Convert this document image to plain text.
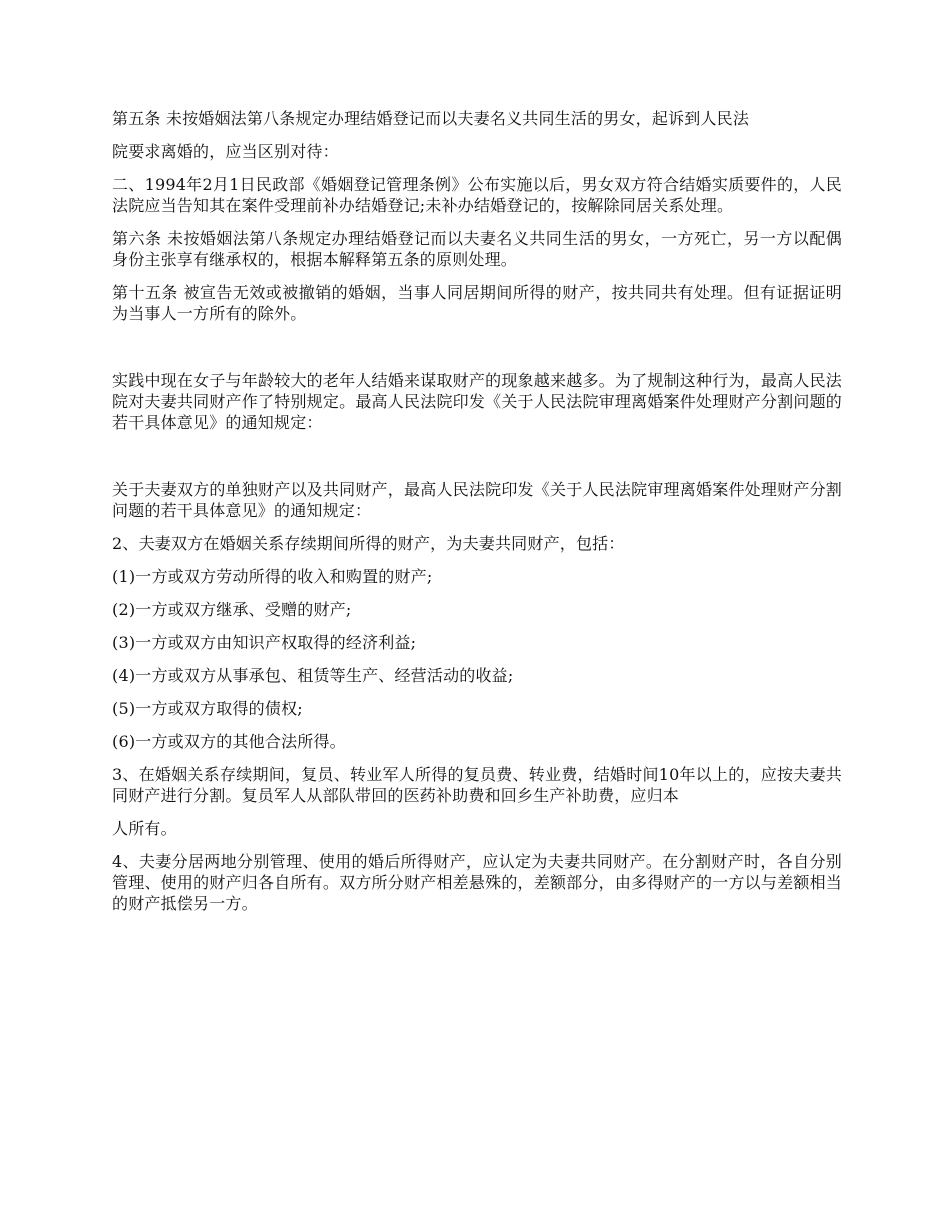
第五条 未按婚姻法第八条规定办理结婚登记而以夫妻名义共同生活的男女，起诉到人民法

院要求离婚的，应当区别对待：

二、1994年2月1日民政部《婚姻登记管理条例》公布实施以后，男女双方符合结婚实质要件的，人民法院应当告知其在案件受理前补办结婚登记;未补办结婚登记的，按解除同居关系处理。

第六条 未按婚姻法第八条规定办理结婚登记而以夫妻名义共同生活的男女，一方死亡，另一方以配偶身份主张享有继承权的，根据本解释第五条的原则处理。

第十五条 被宣告无效或被撤销的婚姻，当事人同居期间所得的财产，按共同共有处理。但有证据证明为当事人一方所有的除外。

实践中现在女子与年龄较大的老年人结婚来谋取财产的现象越来越多。为了规制这种行为，最高人民法院对夫妻共同财产作了特别规定。最高人民法院印发《关于人民法院审理离婚案件处理财产分割问题的若干具体意见》的通知规定：

关于夫妻双方的单独财产以及共同财产，最高人民法院印发《关于人民法院审理离婚案件处理财产分割问题的若干具体意见》的通知规定：

2、夫妻双方在婚姻关系存续期间所得的财产，为夫妻共同财产，包括：

(1)一方或双方劳动所得的收入和购置的财产;

(2)一方或双方继承、受赠的财产;

(3)一方或双方由知识产权取得的经济利益;

(4)一方或双方从事承包、租赁等生产、经营活动的收益;

(5)一方或双方取得的债权;

(6)一方或双方的其他合法所得。

3、在婚姻关系存续期间，复员、转业军人所得的复员费、转业费，结婚时间10年以上的，应按夫妻共同财产进行分割。复员军人从部队带回的医药补助费和回乡生产补助费，应归本

人所有。

4、夫妻分居两地分别管理、使用的婚后所得财产，应认定为夫妻共同财产。在分割财产时，各自分别管理、使用的财产归各自所有。双方所分财产相差悬殊的，差额部分，由多得财产的一方以与差额相当的财产抵偿另一方。
